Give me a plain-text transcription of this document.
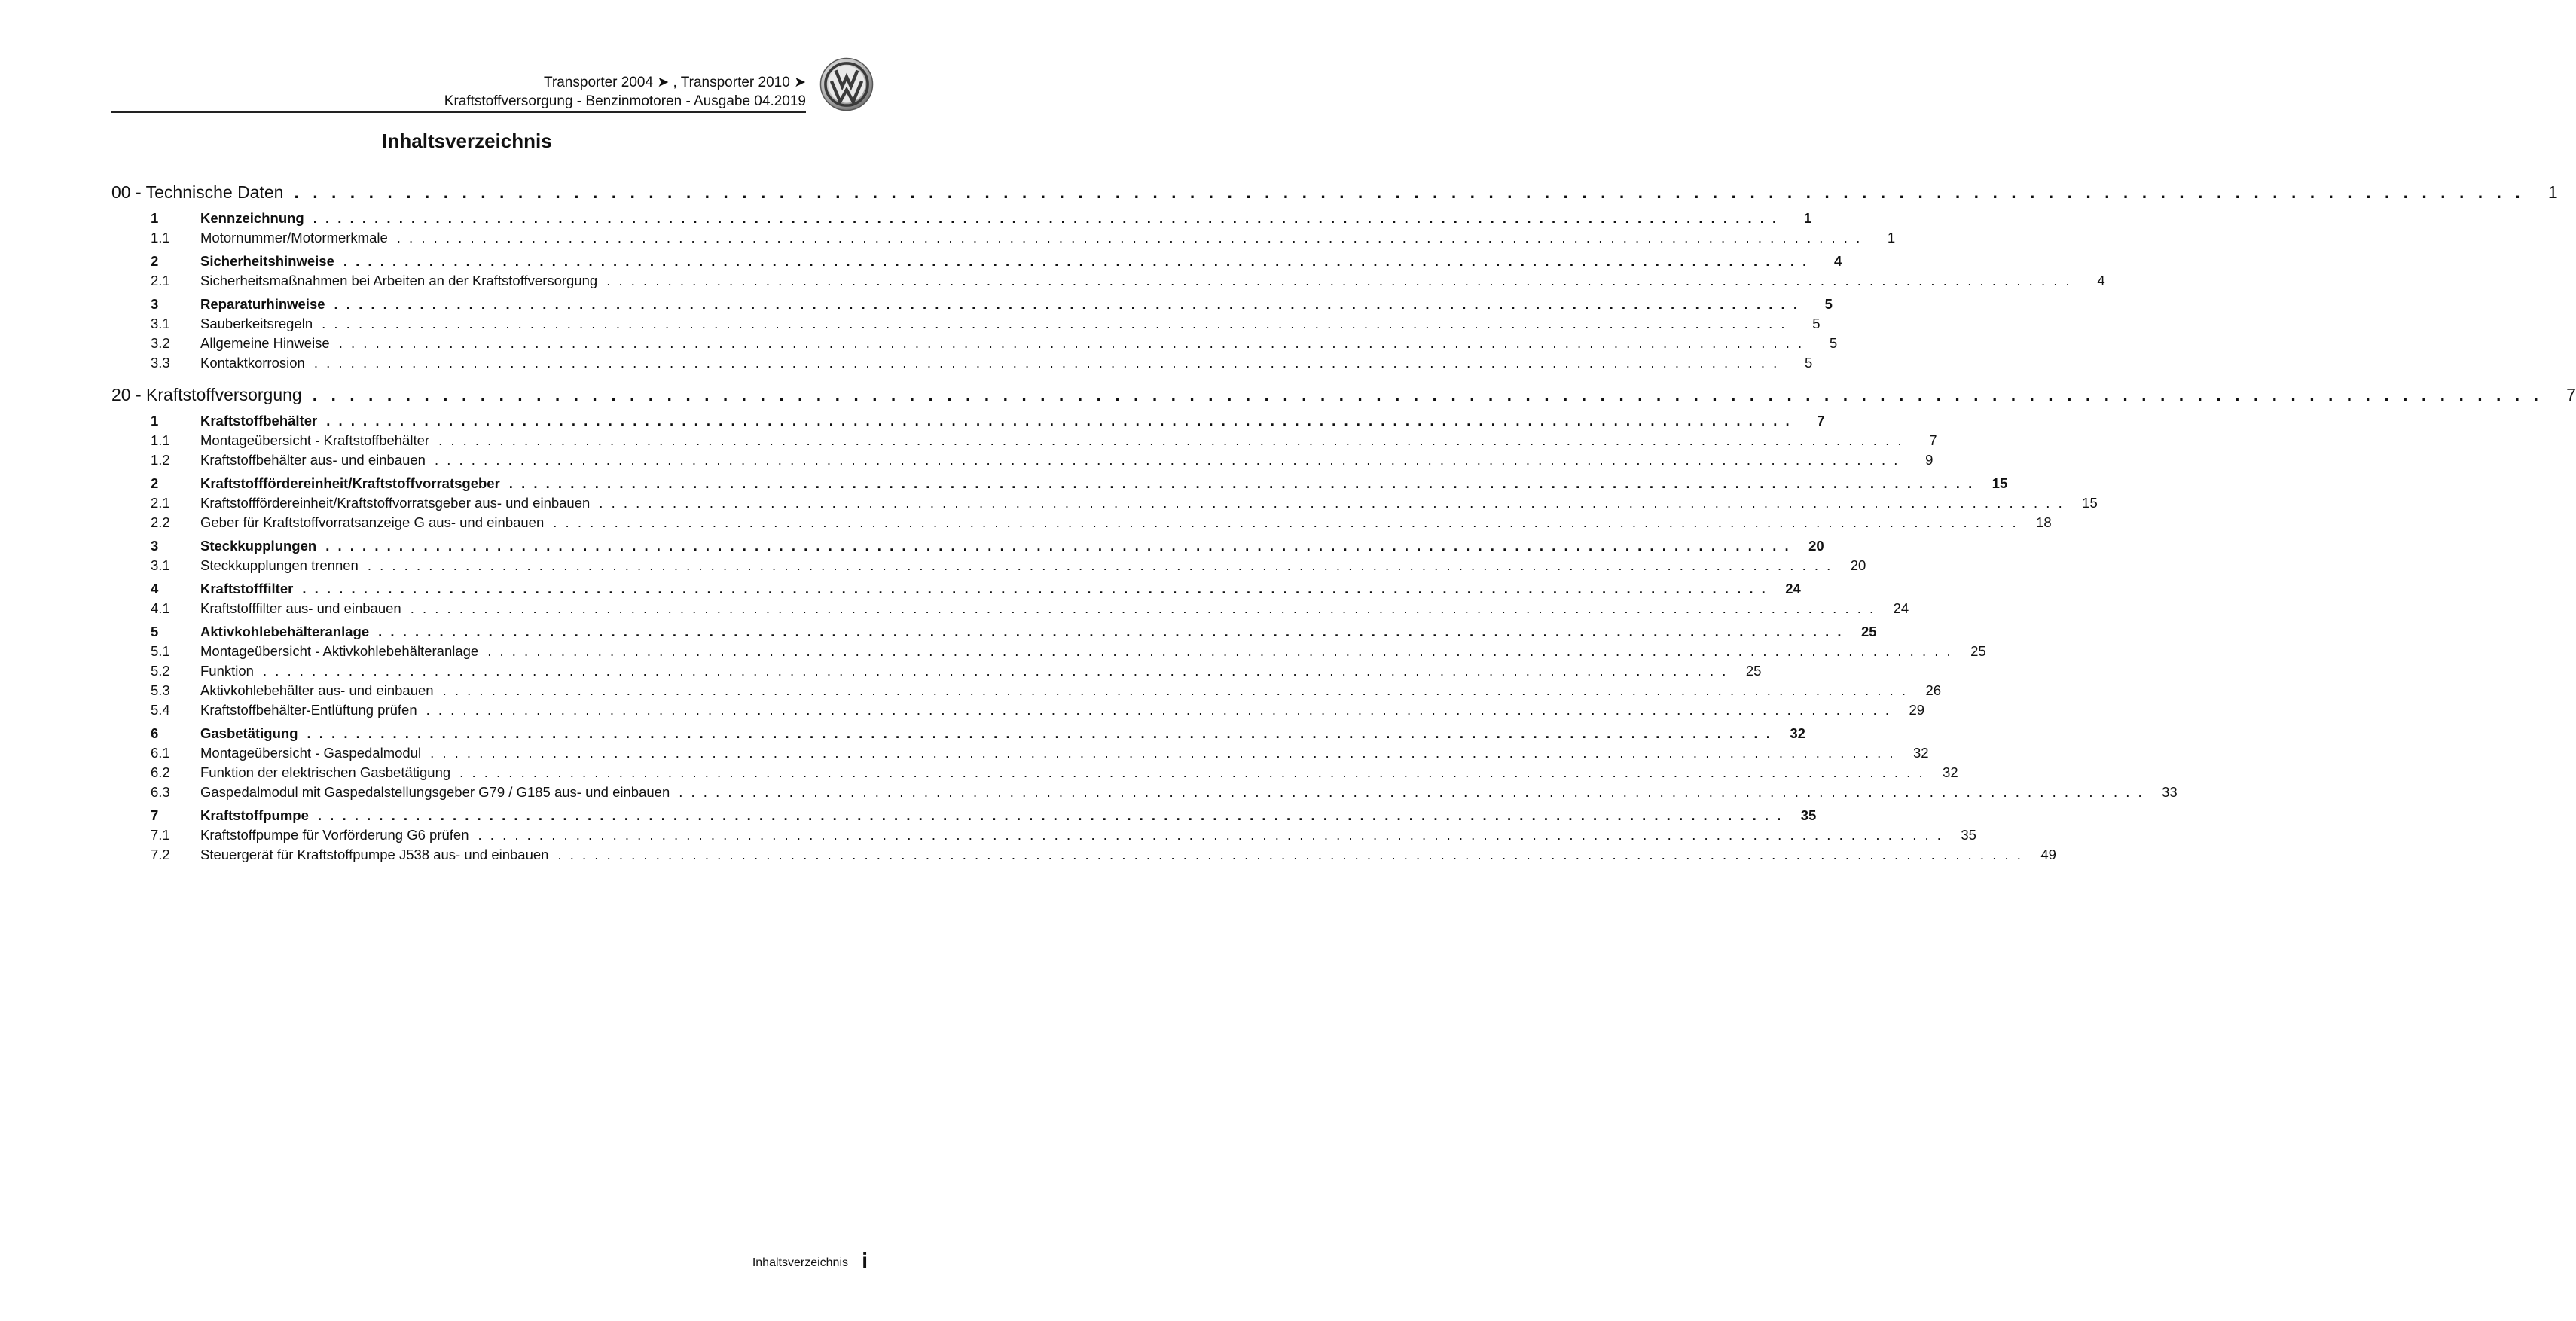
Transporter 2004 ➤ , Transporter 2010 ➤
Kraftstoffversorgung - Benzinmotoren - Ausgabe 04.2019
Inhaltsverzeichnis
00 - Technische Daten . . . . . . . . . . . . . . . . . . . . . . . . . . . . . . . . . . . . . . . . . . . . . . . . . . . . . . . . . . . . . . . . . . . . . . . . . . . . . . . . . . . . . . . . . . . . . . . . . . . . . . . . . . . . . . . . . . . . . . . .	1
1	Kennzeichnung . . . . . . . . . . . . . . . . . . . . . . . . . . . . . . . . . . . . . . . . . . . . . . . . . . . . . . . . . . . . . . . . . . . . . . . . . . . . . . . . . . . . . . . . . . . . . . . . . . . . . . . . . . . . . . . . . . . . . . . .	1
1.1	Motornummer/Motormerkmale . . . . . . . . . . . . . . . . . . . . . . . . . . . . . . . . . . . . . . . . . . . . . . . . . . . . . . . . . . . . . . . . . . . . . . . . . . . . . . . . . . . . . . . . . . . . . . . . . . . . . . . . . . . . . . . . . . . . . . . .	1
2	Sicherheitshinweise . . . . . . . . . . . . . . . . . . . . . . . . . . . . . . . . . . . . . . . . . . . . . . . . . . . . . . . . . . . . . . . . . . . . . . . . . . . . . . . . . . . . . . . . . . . . . . . . . . . . . . . . . . . . . . . . . . . . . . . .	4
2.1	Sicherheitsmaßnahmen bei Arbeiten an der Kraftstoffversorgung . . . . . . . . . . . . . . . . . . . . . . . . . . . . . . . . . . . . . . . . . . . . . . . . . . . . . . . . . . . . . . . . . . . . . . . . . . . . . . . . . . . . . . . . . . . . . . . . . . . . . . . . . . . . . . . . . . . . . . . .	4
3	Reparaturhinweise . . . . . . . . . . . . . . . . . . . . . . . . . . . . . . . . . . . . . . . . . . . . . . . . . . . . . . . . . . . . . . . . . . . . . . . . . . . . . . . . . . . . . . . . . . . . . . . . . . . . . . . . . . . . . . . . . . . . . . . .	5
3.1	Sauberkeitsregeln . . . . . . . . . . . . . . . . . . . . . . . . . . . . . . . . . . . . . . . . . . . . . . . . . . . . . . . . . . . . . . . . . . . . . . . . . . . . . . . . . . . . . . . . . . . . . . . . . . . . . . . . . . . . . . . . . . . . . . . .	5
3.2	Allgemeine Hinweise . . . . . . . . . . . . . . . . . . . . . . . . . . . . . . . . . . . . . . . . . . . . . . . . . . . . . . . . . . . . . . . . . . . . . . . . . . . . . . . . . . . . . . . . . . . . . . . . . . . . . . . . . . . . . . . . . . . . . . . .	5
3.3	Kontaktkorrosion . . . . . . . . . . . . . . . . . . . . . . . . . . . . . . . . . . . . . . . . . . . . . . . . . . . . . . . . . . . . . . . . . . . . . . . . . . . . . . . . . . . . . . . . . . . . . . . . . . . . . . . . . . . . . . . . . . . . . . . .	5
20 - Kraftstoffversorgung . . . . . . . . . . . . . . . . . . . . . . . . . . . . . . . . . . . . . . . . . . . . . . . . . . . . . . . . . . . . . . . . . . . . . . . . . . . . . . . . . . . . . . . . . . . . . . . . . . . . . . . . . . . . . . . . . . . . . . . .	7
1	Kraftstoffbehälter . . . . . . . . . . . . . . . . . . . . . . . . . . . . . . . . . . . . . . . . . . . . . . . . . . . . . . . . . . . . . . . . . . . . . . . . . . . . . . . . . . . . . . . . . . . . . . . . . . . . . . . . . . . . . . . . . . . . . . . .	7
1.1	Montageübersicht - Kraftstoffbehälter . . . . . . . . . . . . . . . . . . . . . . . . . . . . . . . . . . . . . . . . . . . . . . . . . . . . . . . . . . . . . . . . . . . . . . . . . . . . . . . . . . . . . . . . . . . . . . . . . . . . . . . . . . . . . . . . . . . . . . . .	7
1.2	Kraftstoffbehälter aus- und einbauen . . . . . . . . . . . . . . . . . . . . . . . . . . . . . . . . . . . . . . . . . . . . . . . . . . . . . . . . . . . . . . . . . . . . . . . . . . . . . . . . . . . . . . . . . . . . . . . . . . . . . . . . . . . . . . . . . . . . . . . .	9
2	Kraftstofffördereinheit/Kraftstoffvorratsgeber . . . . . . . . . . . . . . . . . . . . . . . . . . . . . . . . . . . . . . . . . . . . . . . . . . . . . . . . . . . . . . . . . . . . . . . . . . . . . . . . . . . . . . . . . . . . . . . . . . . . . . . . . . . . . . . . . . . . . . . .	15
2.1	Kraftstofffördereinheit/Kraftstoffvorratsgeber aus- und einbauen . . . . . . . . . . . . . . . . . . . . . . . . . . . . . . . . . . . . . . . . . . . . . . . . . . . . . . . . . . . . . . . . . . . . . . . . . . . . . . . . . . . . . . . . . . . . . . . . . . . . . . . . . . . . . . . . . . . . . . . .	15
2.2	Geber für Kraftstoffvorratsanzeige G aus- und einbauen . . . . . . . . . . . . . . . . . . . . . . . . . . . . . . . . . . . . . . . . . . . . . . . . . . . . . . . . . . . . . . . . . . . . . . . . . . . . . . . . . . . . . . . . . . . . . . . . . . . . . . . . . . . . . . . . . . . . . . . .	18
3	Steckkupplungen . . . . . . . . . . . . . . . . . . . . . . . . . . . . . . . . . . . . . . . . . . . . . . . . . . . . . . . . . . . . . . . . . . . . . . . . . . . . . . . . . . . . . . . . . . . . . . . . . . . . . . . . . . . . . . . . . . . . . . . .	20
3.1	Steckkupplungen trennen . . . . . . . . . . . . . . . . . . . . . . . . . . . . . . . . . . . . . . . . . . . . . . . . . . . . . . . . . . . . . . . . . . . . . . . . . . . . . . . . . . . . . . . . . . . . . . . . . . . . . . . . . . . . . . . . . . . . . . . .	20
4	Kraftstofffilter . . . . . . . . . . . . . . . . . . . . . . . . . . . . . . . . . . . . . . . . . . . . . . . . . . . . . . . . . . . . . . . . . . . . . . . . . . . . . . . . . . . . . . . . . . . . . . . . . . . . . . . . . . . . . . . . . . . . . . . .	24
4.1	Kraftstofffilter aus- und einbauen . . . . . . . . . . . . . . . . . . . . . . . . . . . . . . . . . . . . . . . . . . . . . . . . . . . . . . . . . . . . . . . . . . . . . . . . . . . . . . . . . . . . . . . . . . . . . . . . . . . . . . . . . . . . . . . . . . . . . . . .	24
5	Aktivkohlebehälteranlage . . . . . . . . . . . . . . . . . . . . . . . . . . . . . . . . . . . . . . . . . . . . . . . . . . . . . . . . . . . . . . . . . . . . . . . . . . . . . . . . . . . . . . . . . . . . . . . . . . . . . . . . . . . . . . . . . . . . . . . .	25
5.1	Montageübersicht - Aktivkohlebehälteranlage . . . . . . . . . . . . . . . . . . . . . . . . . . . . . . . . . . . . . . . . . . . . . . . . . . . . . . . . . . . . . . . . . . . . . . . . . . . . . . . . . . . . . . . . . . . . . . . . . . . . . . . . . . . . . . . . . . . . . . . .	25
5.2	Funktion . . . . . . . . . . . . . . . . . . . . . . . . . . . . . . . . . . . . . . . . . . . . . . . . . . . . . . . . . . . . . . . . . . . . . . . . . . . . . . . . . . . . . . . . . . . . . . . . . . . . . . . . . . . . . . . . . . . . . . . .	25
5.3	Aktivkohlebehälter aus- und einbauen . . . . . . . . . . . . . . . . . . . . . . . . . . . . . . . . . . . . . . . . . . . . . . . . . . . . . . . . . . . . . . . . . . . . . . . . . . . . . . . . . . . . . . . . . . . . . . . . . . . . . . . . . . . . . . . . . . . . . . . .	26
5.4	Kraftstoffbehälter-Entlüftung prüfen . . . . . . . . . . . . . . . . . . . . . . . . . . . . . . . . . . . . . . . . . . . . . . . . . . . . . . . . . . . . . . . . . . . . . . . . . . . . . . . . . . . . . . . . . . . . . . . . . . . . . . . . . . . . . . . . . . . . . . . .	29
6	Gasbetätigung . . . . . . . . . . . . . . . . . . . . . . . . . . . . . . . . . . . . . . . . . . . . . . . . . . . . . . . . . . . . . . . . . . . . . . . . . . . . . . . . . . . . . . . . . . . . . . . . . . . . . . . . . . . . . . . . . . . . . . . .	32
6.1	Montageübersicht - Gaspedalmodul . . . . . . . . . . . . . . . . . . . . . . . . . . . . . . . . . . . . . . . . . . . . . . . . . . . . . . . . . . . . . . . . . . . . . . . . . . . . . . . . . . . . . . . . . . . . . . . . . . . . . . . . . . . . . . . . . . . . . . . .	32
6.2	Funktion der elektrischen Gasbetätigung . . . . . . . . . . . . . . . . . . . . . . . . . . . . . . . . . . . . . . . . . . . . . . . . . . . . . . . . . . . . . . . . . . . . . . . . . . . . . . . . . . . . . . . . . . . . . . . . . . . . . . . . . . . . . . . . . . . . . . . .	32
6.3	Gaspedalmodul mit Gaspedalstellungsgeber G79 / G185 aus- und einbauen . . . . . . . . . . . . . . . . . . . . . . . . . . . . . . . . . . . . . . . . . . . . . . . . . . . . . . . . . . . . . . . . . . . . . . . . . . . . . . . . . . . . . . . . . . . . . . . . . . . . . . . . . . . . . . . . . . . . . . . .	33
7	Kraftstoffpumpe . . . . . . . . . . . . . . . . . . . . . . . . . . . . . . . . . . . . . . . . . . . . . . . . . . . . . . . . . . . . . . . . . . . . . . . . . . . . . . . . . . . . . . . . . . . . . . . . . . . . . . . . . . . . . . . . . . . . . . . .	35
7.1	Kraftstoffpumpe für Vorförderung G6 prüfen . . . . . . . . . . . . . . . . . . . . . . . . . . . . . . . . . . . . . . . . . . . . . . . . . . . . . . . . . . . . . . . . . . . . . . . . . . . . . . . . . . . . . . . . . . . . . . . . . . . . . . . . . . . . . . . . . . . . . . . .	35
7.2	Steuergerät für Kraftstoffpumpe J538 aus- und einbauen . . . . . . . . . . . . . . . . . . . . . . . . . . . . . . . . . . . . . . . . . . . . . . . . . . . . . . . . . . . . . . . . . . . . . . . . . . . . . . . . . . . . . . . . . . . . . . . . . . . . . . . . . . . . . . . . . . . . . . . .	49
Inhaltsverzeichnis i
